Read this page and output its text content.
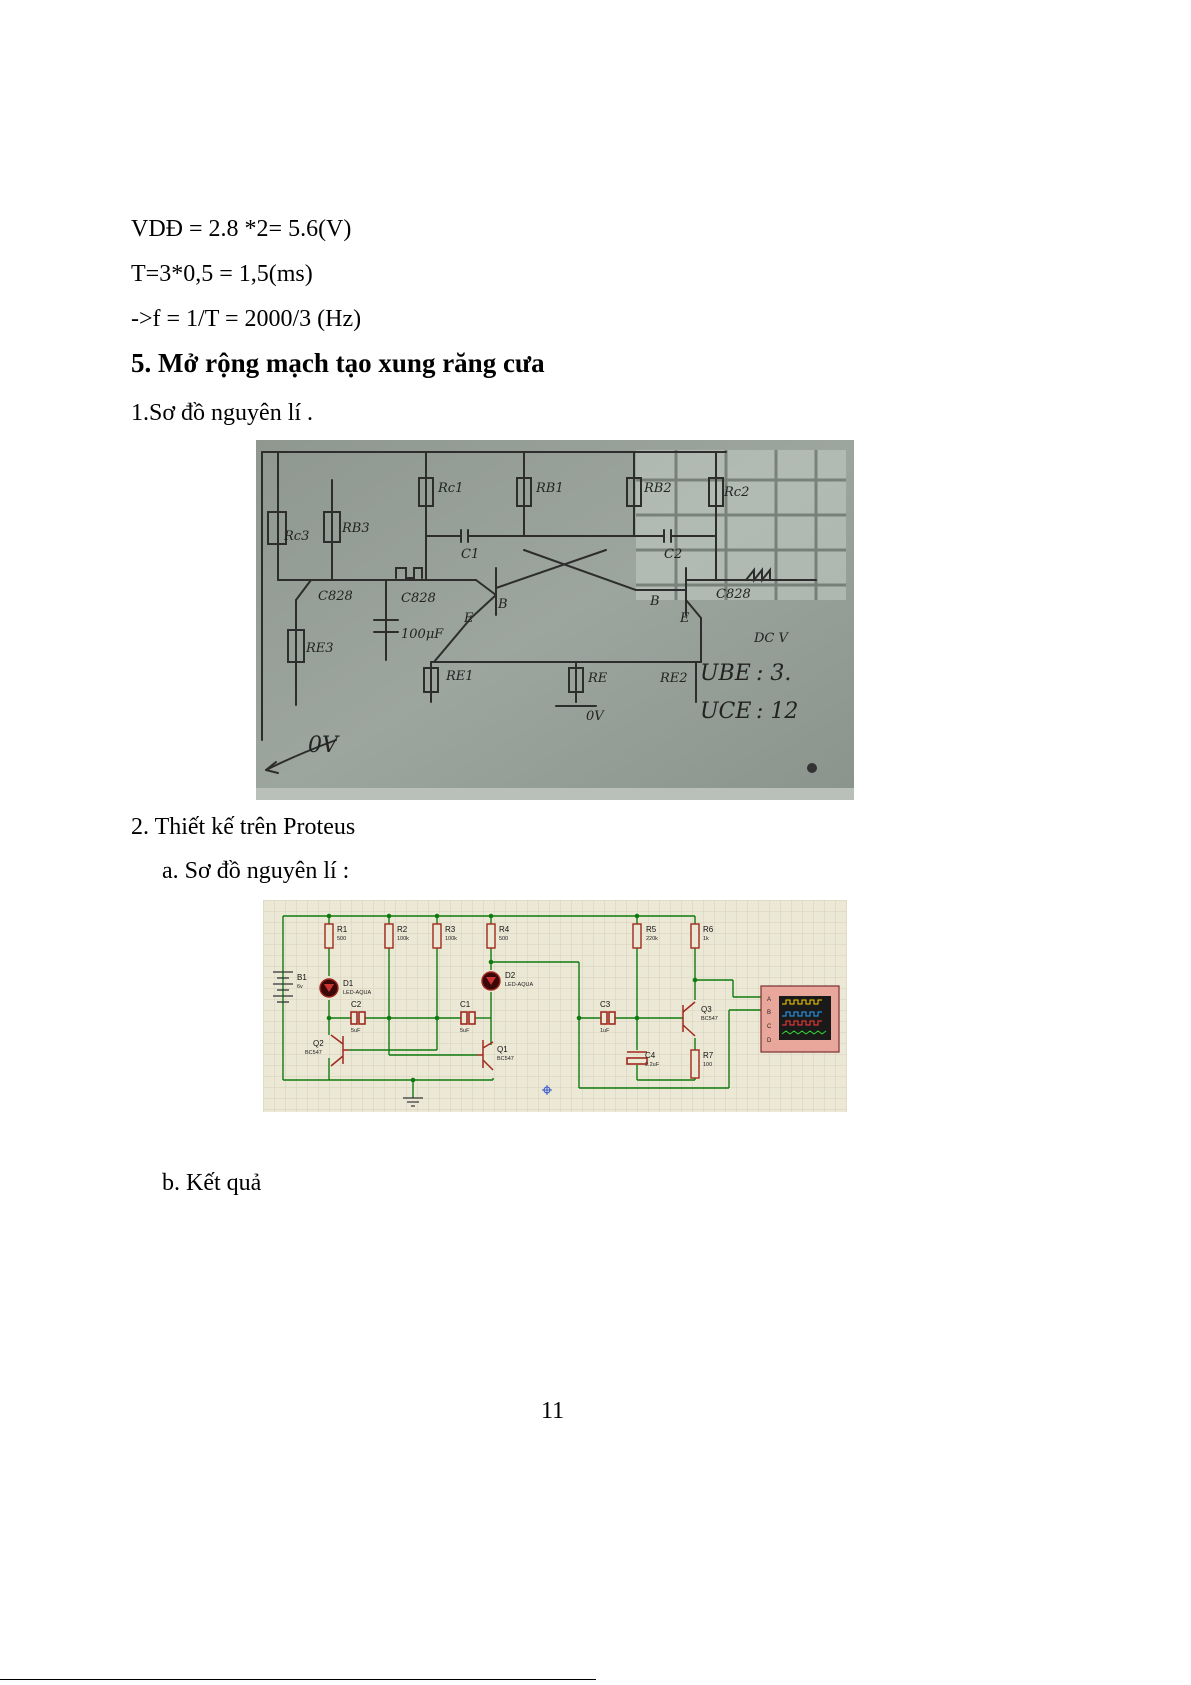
VDĐ = 2.8 *2= 5.6(V)
T=3*0,5 = 1,5(ms)
->f = 1/T = 2000/3 (Hz)
5. Mở rộng mạch tạo xung răng cưa
1.Sơ đồ nguyên lí .
Rc3
RB3
Rc1	RB1	RB2	Rc2
C1	C2
C828	C828	C828
100μF
RE3
RE1	RE	RE2
0V
B	B
E	E
DC V
0V
UBE : 3.
UCE : 12
2. Thiết kế trên Proteus
a. Sơ đồ nguyên lí :
A
B
C
D
R1	R2	R3	R4	R5	R6
R7
B1
D1
D2
C1
C2	C3
C4
Q1
Q2
Q3
500	100k	100k	500	220k	1k
100
6v
LED-AQUA
LED-AQUA
5uF
5uF	1uF
2.2uF
BC547
BC547
BC547
b. Kết quả
11
